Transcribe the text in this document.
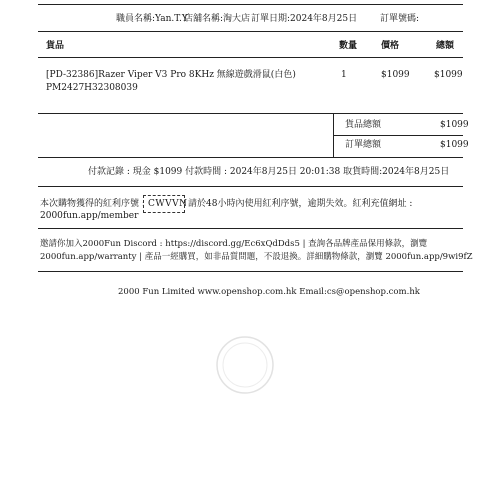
職員名稱:Yan.T.Y
店舖名稱:淘大店 訂單日期:2024年8月25日	訂單號碼:
貨品	數量	價格	總額
[PD-32386]Razer Viper V3 Pro 8KHz 無線遊戲滑鼠(白色)
PM2427H32308039
1	$1099	$1099
貨品總額	$1099
訂單總額	$1099
付款記錄 : 現金 $1099 付款時間 : 2024年8月25日 20:01:38 取貨時間:2024年8月25日
本次購物獲得的紅利序號 : CWVVN 請於48小時內使用紅利序號，逾期失效。紅利充值網址 :
2000fun.app/member
邀請你加入2000Fun Discord : https://discord.gg/Ec6xQdDds5 | 查詢各品牌產品保用條款，瀏覽
2000fun.app/warranty | 產品一經購買，如非品質問題，不設退換。詳細購物條款，瀏覽 2000fun.app/9wi9fZ
2000 Fun Limited www.openshop.com.hk Email:cs@openshop.com.hk
